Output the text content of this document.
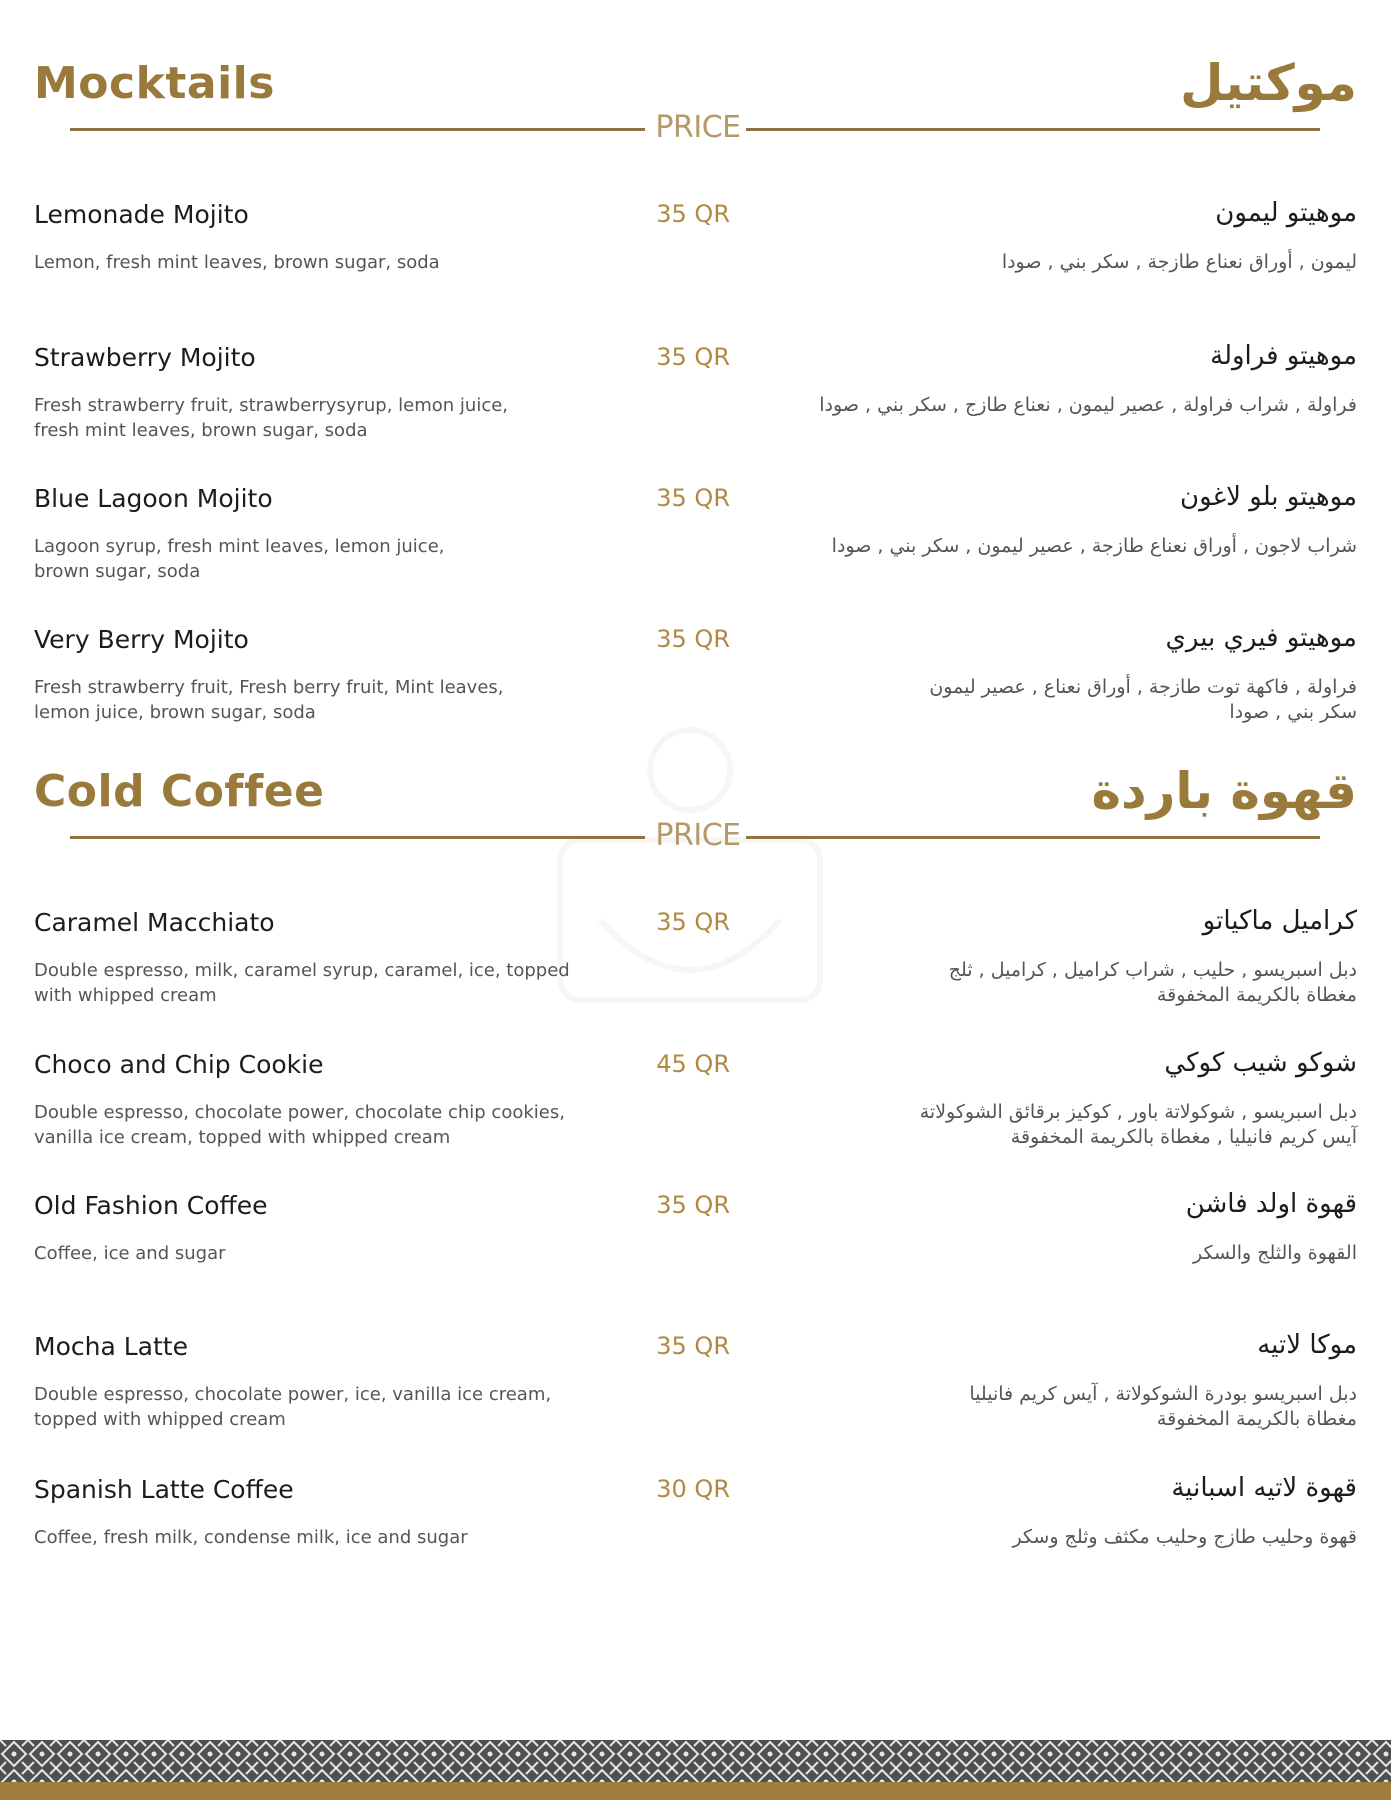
Mocktails	موكتيل
PRICE
Lemonade Mojito	35 QR
Lemon, fresh mint leaves, brown sugar, soda
موهيتو ليمون
ليمون , أوراق نعناع طازجة , سكر بني , صودا
Strawberry Mojito	35 QR
Fresh strawberry fruit, strawberrysyrup, lemon juice,
fresh mint leaves, brown sugar, soda
موهيتو فراولة
فراولة , شراب فراولة , عصير ليمون , نعناع طازج , سكر بني , صودا
Blue Lagoon Mojito	35 QR
Lagoon syrup, fresh mint leaves, lemon juice,
brown sugar, soda
موهيتو بلو لاغون
شراب لاجون , أوراق نعناع طازجة , عصير ليمون , سكر بني , صودا
Very Berry Mojito	35 QR
Fresh strawberry fruit, Fresh berry fruit, Mint leaves,
lemon juice, brown sugar, soda
موهيتو فيري بيري
فراولة , فاكهة توت طازجة , أوراق نعناع , عصير ليمون
سكر بني , صودا
Cold Coffee	قهوة باردة
PRICE
Caramel Macchiato	35 QR
Double espresso, milk, caramel syrup, caramel, ice, topped
with whipped cream
كراميل ماكياتو
دبل اسبريسو , حليب , شراب كراميل , كراميل , ثلج
مغطاة بالكريمة المخفوقة
Choco and Chip Cookie	45 QR
Double espresso, chocolate power, chocolate chip cookies,
vanilla ice cream, topped with whipped cream
شوكو شيب كوكي
دبل اسبريسو , شوكولاتة باور , كوكيز برقائق الشوكولاتة
آيس كريم فانيليا , مغطاة بالكريمة المخفوقة
Old Fashion Coffee	35 QR
Coffee, ice and sugar
قهوة اولد فاشن
القهوة والثلج والسكر
Mocha Latte	35 QR
Double espresso, chocolate power, ice, vanilla ice cream,
topped with whipped cream
موكا لاتيه
دبل اسبريسو بودرة الشوكولاتة , آيس كريم فانيليا
مغطاة بالكريمة المخفوقة
Spanish Latte Coffee	30 QR
Coffee, fresh milk, condense milk, ice and sugar
قهوة لاتيه اسبانية
قهوة وحليب طازج وحليب مكثف وثلج وسكر
